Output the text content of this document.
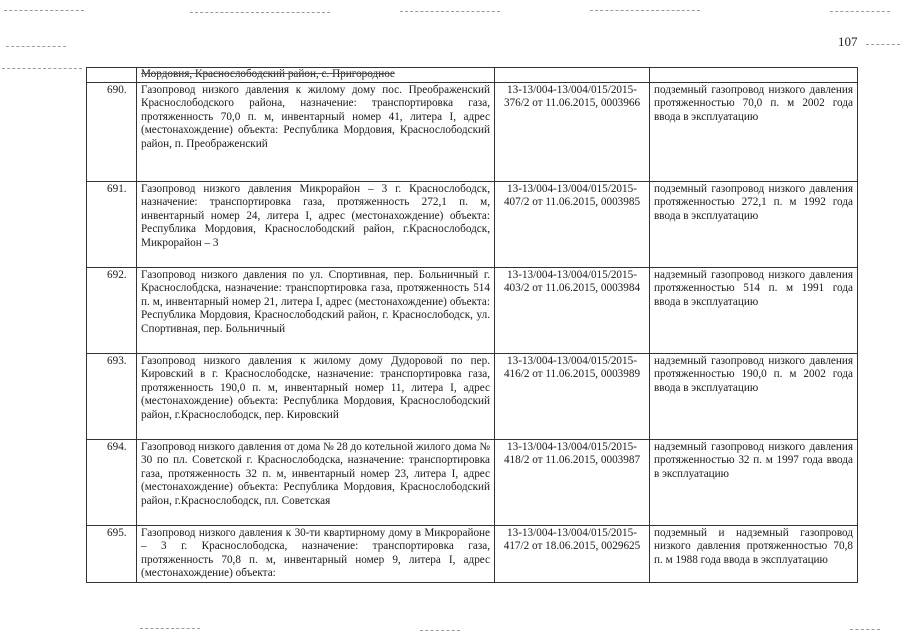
107
	Мордовия, Краснослободский район, с. Пригородное		
690.	Газопровод низкого давления к жилому дому пос. Преображенский Краснослободского района, назначение: транспортировка газа, протяженность 70,0 п. м, инвентарный номер 41, литера I, адрес (местонахождение) объекта: Республика Мордовия, Краснослободский район, п. Преображенский	13-13/004-13/004/015/2015-376/2 от 11.06.2015, 0003966	подземный газопровод низкого давления протяженностью 70,0 п. м 2002 года ввода в эксплуатацию
691.	Газопровод низкого давления Микрорайон – 3 г. Краснослободск, назначение: транспортировка газа, протяженность 272,1 п. м, инвентарный номер 24, литера I, адрес (местонахождение) объекта: Республика Мордовия, Краснослободский район, г.Краснослободск, Микрорайон – 3	13-13/004-13/004/015/2015-407/2 от 11.06.2015, 0003985	подземный газопровод низкого давления протяженностью 272,1 п. м 1992 года ввода в эксплуатацию
692.	Газопровод низкого давления по ул. Спортивная, пер. Больничный г. Краснослобдска, назначение: транспортировка газа, протяженность 514 п. м, инвентарный номер 21, литера I, адрес (местонахождение) объекта: Республика Мордовия, Краснослободский район, г. Краснослободск, ул. Спортивная, пер. Больничный	13-13/004-13/004/015/2015-403/2 от 11.06.2015, 0003984	надземный газопровод низкого давления протяженностью 514 п. м 1991 года ввода в эксплуатацию
693.	Газопровод низкого давления к жилому дому Дудоровой по пер. Кировский в г. Краснослободске, назначение: транспортировка газа, протяженность 190,0 п. м, инвентарный номер 11, литера I, адрес (местонахождение) объекта: Республика Мордовия, Краснослободский район, г.Краснослободск, пер. Кировский	13-13/004-13/004/015/2015-416/2 от 11.06.2015, 0003989	надземный газопровод низкого давления протяженностью 190,0 п. м 2002 года ввода в эксплуатацию
694.	Газопровод низкого давления от дома № 28 до котельной жилого дома № 30 по пл. Советской г. Краснослободска, назначение: транспортировка газа, протяженность 32 п. м, инвентарный номер 23, литера I, адрес (местонахождение) объекта: Республика Мордовия, Краснослободский район, г.Краснослободск, пл. Советская	13-13/004-13/004/015/2015-418/2 от 11.06.2015, 0003987	надземный газопровод низкого давления протяженностью 32 п. м 1997 года ввода в эксплуатацию
695.	Газопровод низкого давления к 30-ти квартирному дому в Микрорайоне – 3 г. Краснослободска, назначение: транспортировка газа, протяженность 70,8 п. м, инвентарный номер 9, литера I, адрес (местонахождение) объекта:	13-13/004-13/004/015/2015-417/2 от 18.06.2015, 0029625	подземный и надземный газопровод низкого давления протяженностью 70,8 п. м 1988 года ввода в эксплуатацию
